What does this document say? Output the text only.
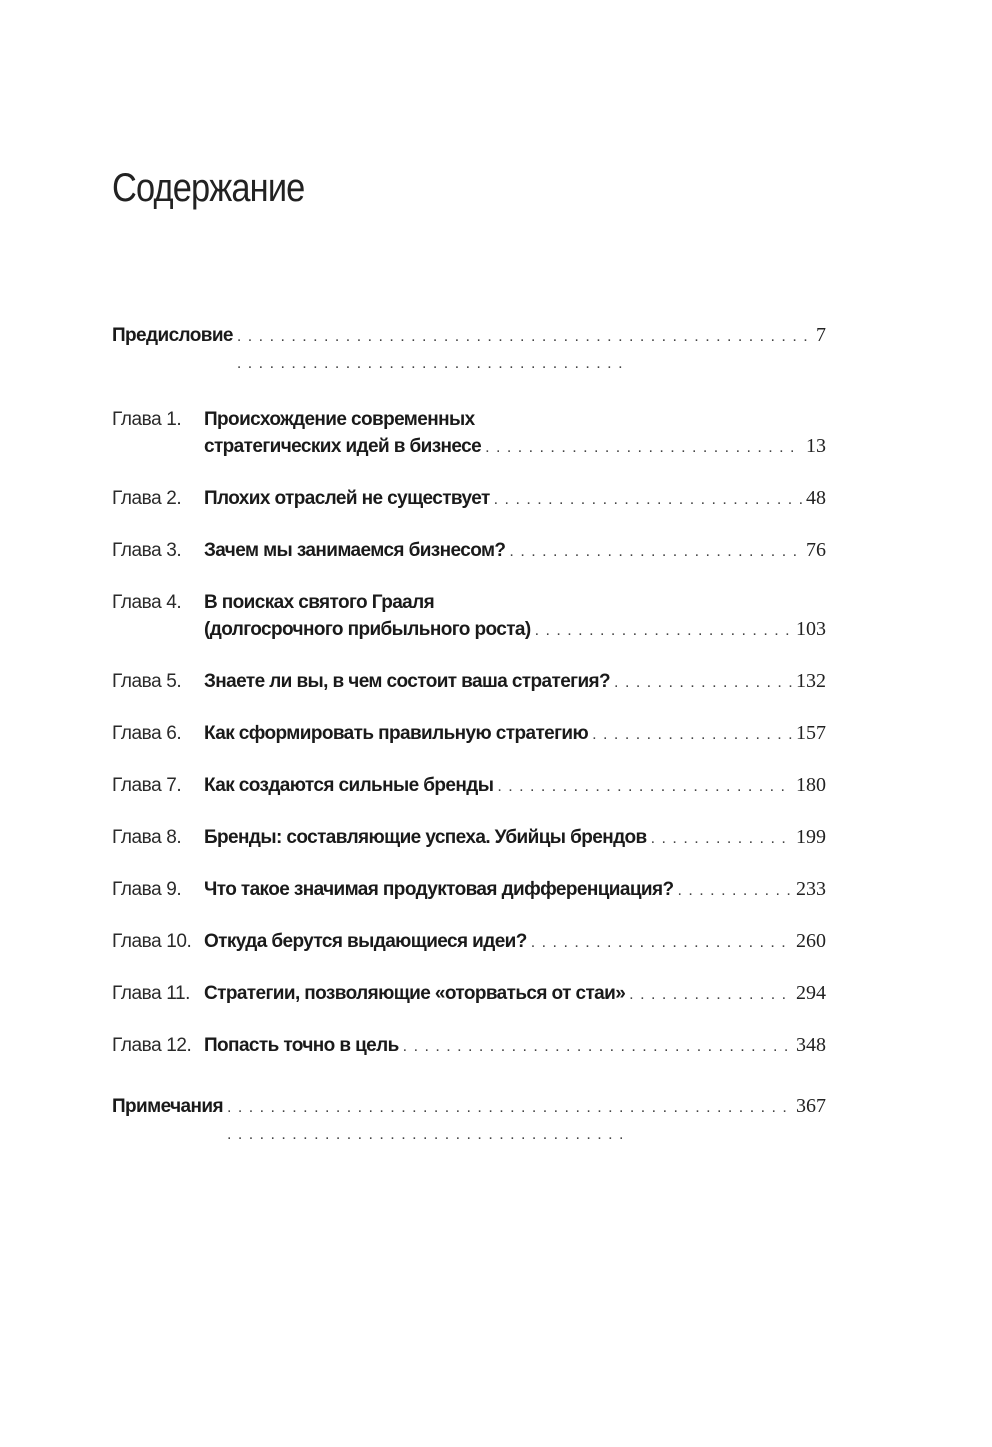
Содержание
Предисловие . . .	7
Глава 1.	Происхождение современных
стратегических идей в бизнесе . . .	13
Глава 2.	Плохих отраслей не существует . . .	48
Глава 3.	Зачем мы занимаемся бизнесом? . . .	76
Глава 4.	В поисках святого Грааля
(долгосрочного прибыльного роста) . . .	103
Глава 5.	Знаете ли вы, в чем состоит ваша стратегия? . . .	132
Глава 6.	Как сформировать правильную стратегию . . .	157
Глава 7.	Как создаются сильные бренды . . .	180
Глава 8.	Бренды: составляющие успеха. Убийцы брендов . . .	199
Глава 9.	Что такое значимая продуктовая дифференциация? . . .	233
Глава 10. Откуда берутся выдающиеся идеи? . . .	260
Глава 11. Стратегии, позволяющие «оторваться от стаи» . . .	294
Глава 12. Попасть точно в цель . . .	348
Примечания . . .	367
